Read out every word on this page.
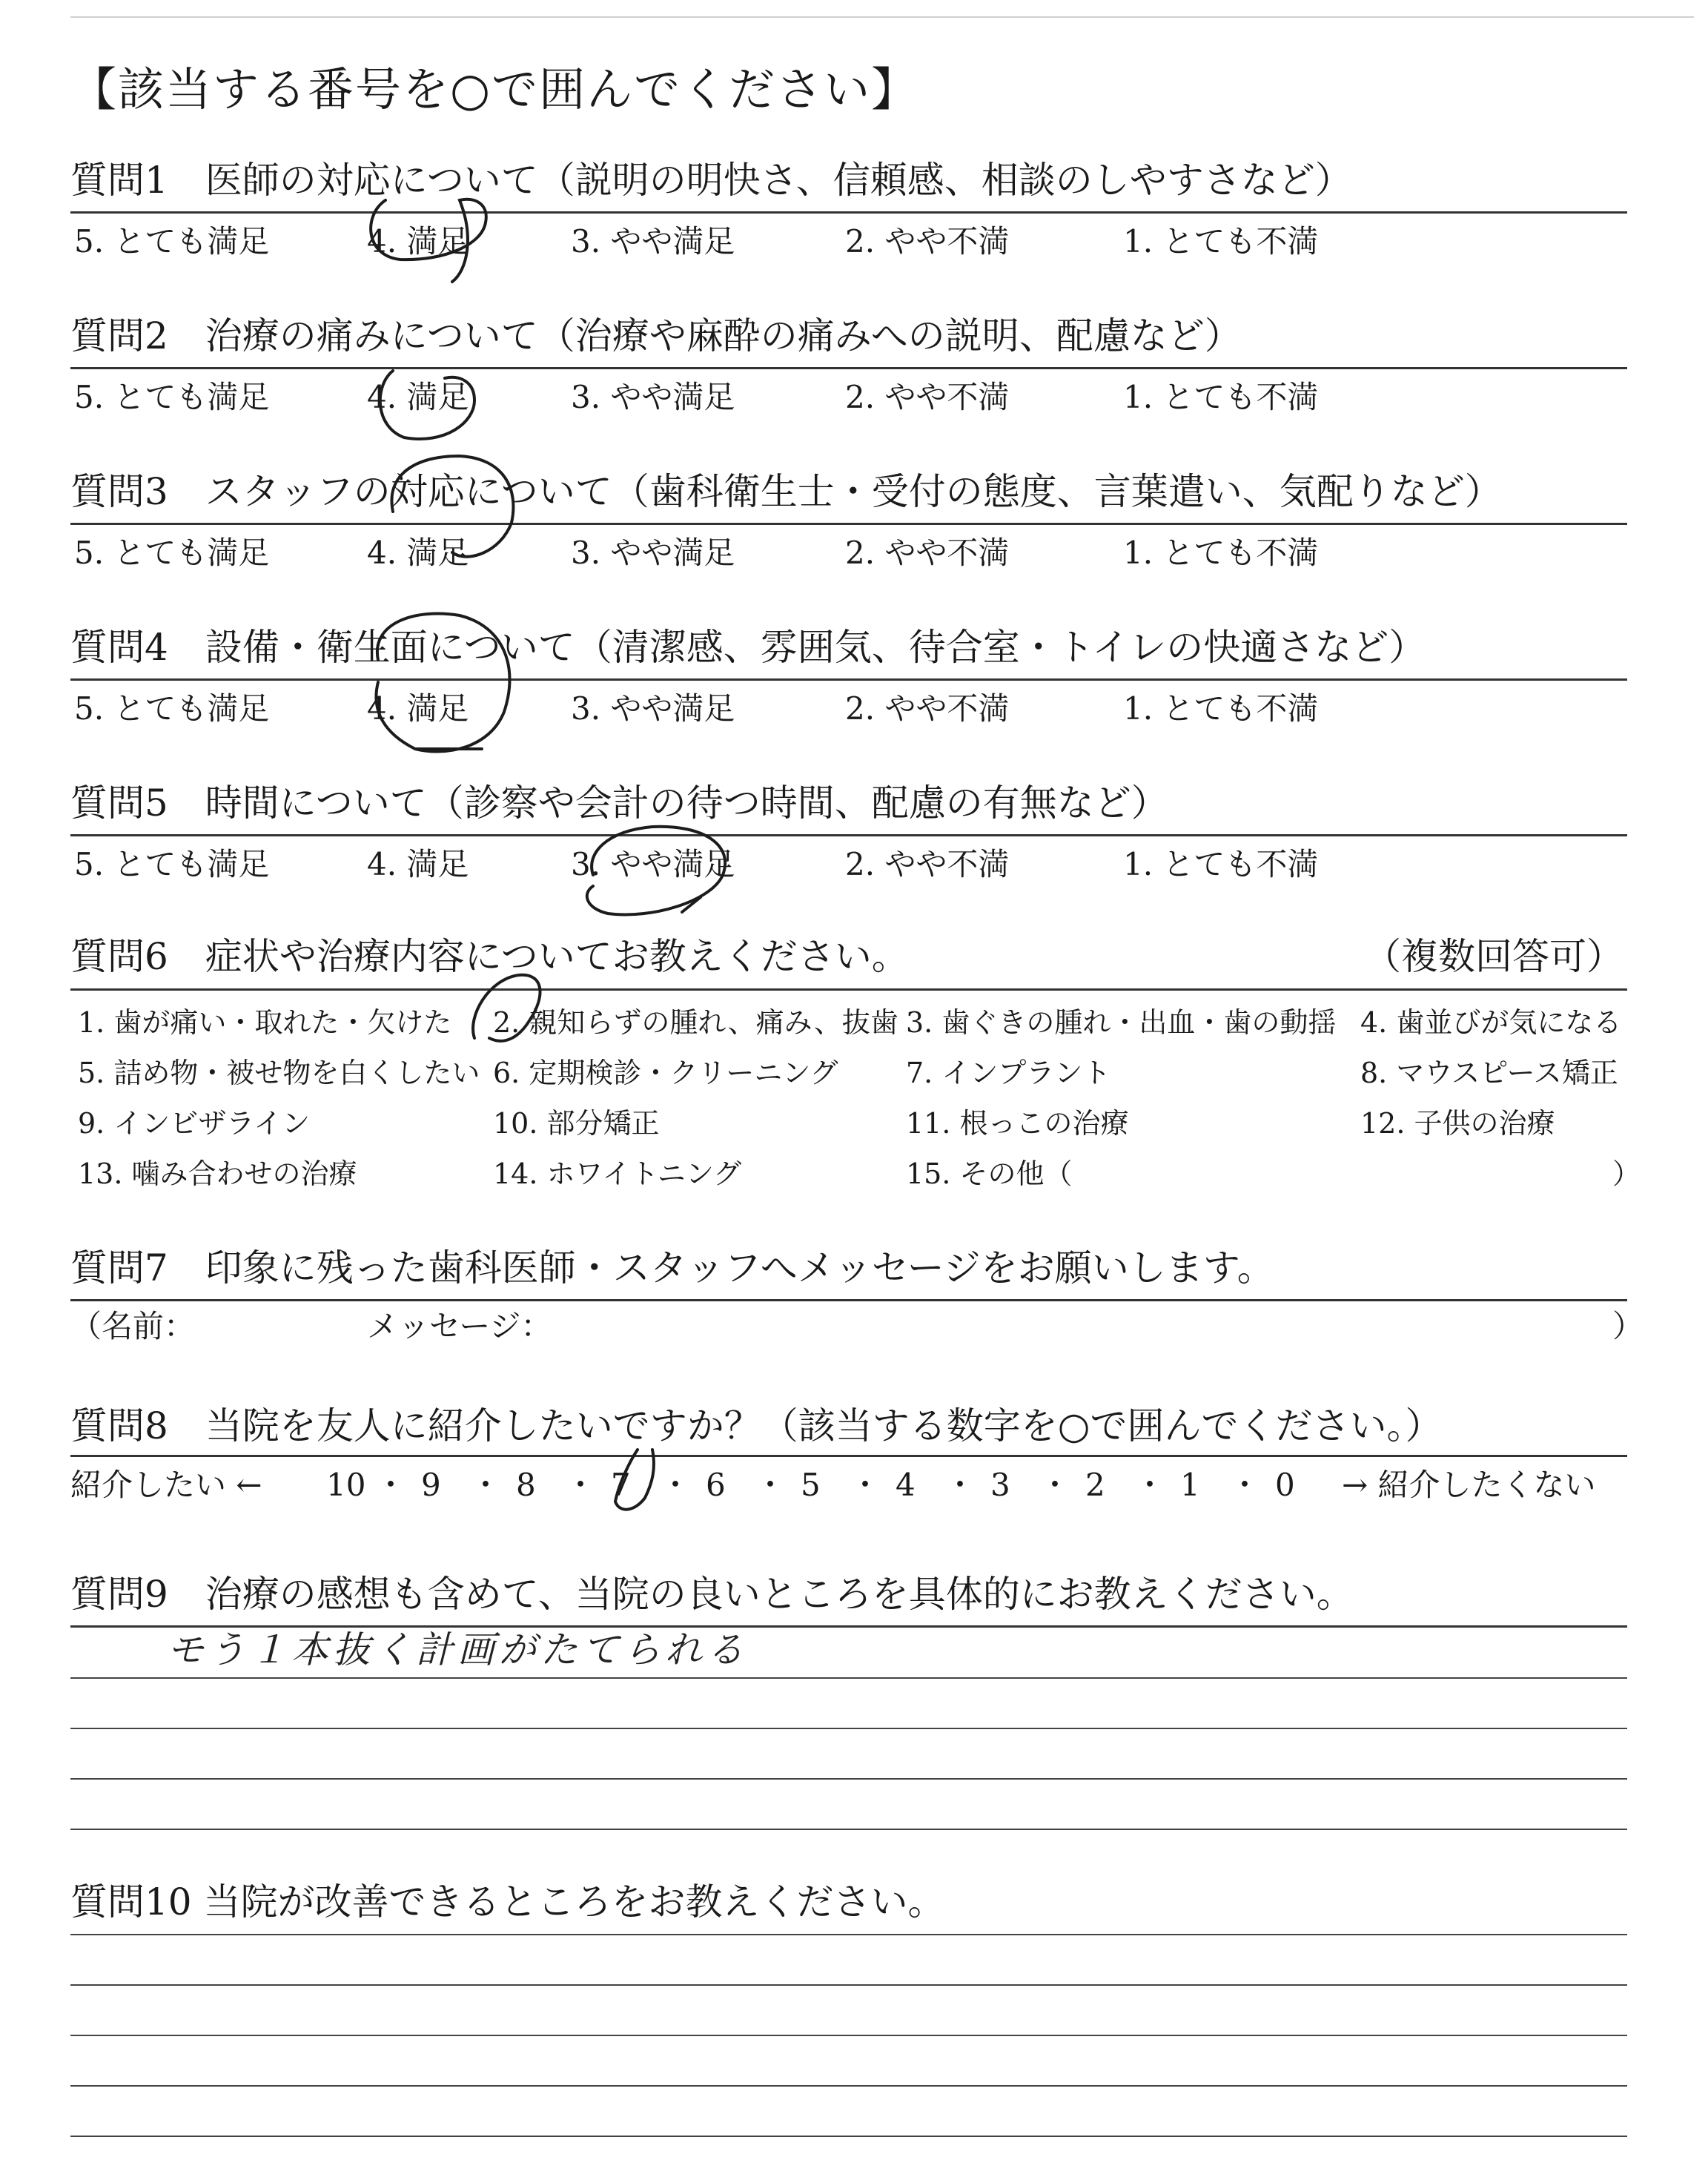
【該当する番号を○で囲んでください】
質問1　医師の対応について（説明の明快さ、信頼感、相談のしやすさなど）
5. とても満足	4. 満足	3. やや満足	2. やや不満	1. とても不満
質問2　治療の痛みについて（治療や麻酔の痛みへの説明、配慮など）
5. とても満足	4. 満足	3. やや満足	2. やや不満	1. とても不満
質問3　スタッフの対応について（歯科衛生士・受付の態度、言葉遣い、気配りなど）
5. とても満足	4. 満足	3. やや満足	2. やや不満	1. とても不満
質問4　設備・衛生面について（清潔感、雰囲気、待合室・トイレの快適さなど）
5. とても満足	4. 満足	3. やや満足	2. やや不満	1. とても不満
質問5　時間について（診察や会計の待つ時間、配慮の有無など）
5. とても満足	4. 満足	3. やや満足	2. やや不満	1. とても不満
質問6　症状や治療内容についてお教えください。	（複数回答可）
1. 歯が痛い・取れた・欠けた 2. 親知らずの腫れ、痛み、抜歯 3. 歯ぐきの腫れ・出血・歯の動揺 4. 歯並びが気になる
5. 詰め物・被せ物を白くしたい 6. 定期検診・クリーニング 7. インプラント	8. マウスピース矯正
9. インビザライン	10. 部分矯正	11. 根っこの治療	12. 子供の治療
13. 噛み合わせの治療	14. ホワイトニング	15. その他（	）
質問7　印象に残った歯科医師・スタッフへメッセージをお願いします。
（名前：	メッセージ：	）
質問8　当院を友人に紹介したいですか？（該当する数字を○で囲んでください。）
紹介したい ←	→ 紹介したくない
10 ・ 9 ・ 8 ・ 7 ・ 6 ・ 5 ・ 4 ・ 3 ・ 2 ・ 1 ・ 0
質問9　治療の感想も含めて、当院の良いところを具体的にお教えください。
モう１本抜く計画がたてられる
質問10 当院が改善できるところをお教えください。
